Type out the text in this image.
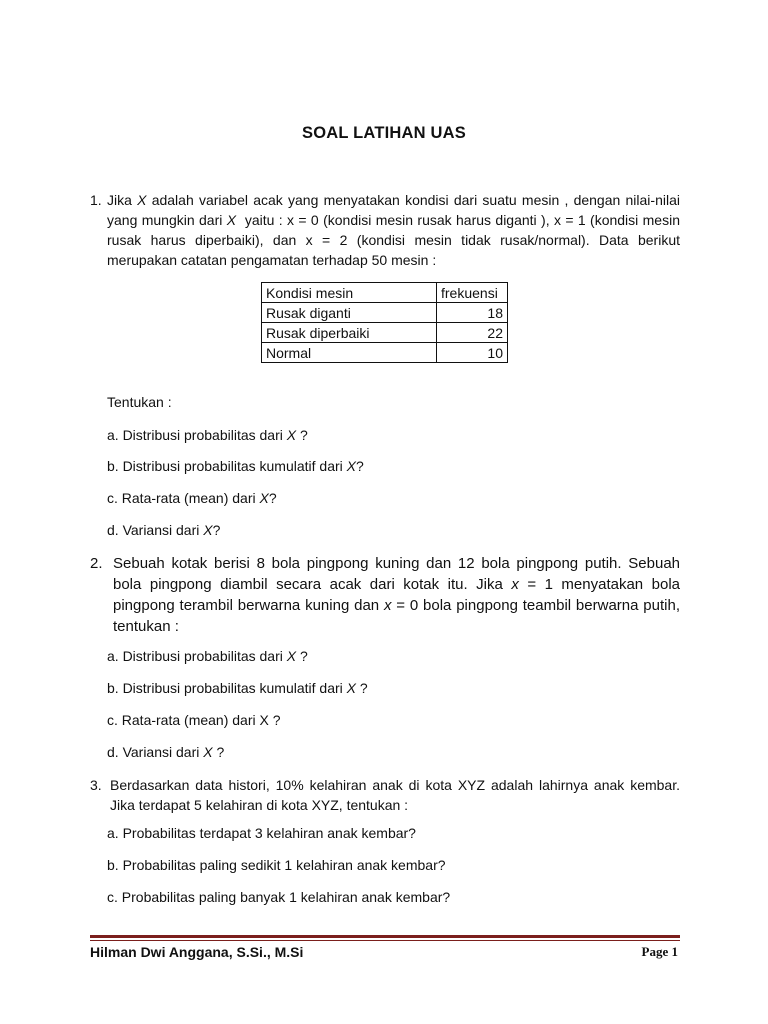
SOAL LATIHAN UAS
1. Jika X adalah variabel acak yang menyatakan kondisi dari suatu mesin , dengan nilai-nilai yang mungkin dari X  yaitu : x = 0 (kondisi mesin rusak harus diganti ), x = 1 (kondisi mesin rusak harus diperbaiki), dan x = 2 (kondisi mesin tidak rusak/normal). Data berikut merupakan catatan pengamatan terhadap 50 mesin :
Kondisi mesin	frekuensi
Rusak diganti	18
Rusak diperbaiki	22
Normal	10
Tentukan :
a. Distribusi probabilitas dari X ?
b. Distribusi probabilitas kumulatif dari X?
c. Rata-rata (mean) dari X?
d. Variansi dari X?
2. Sebuah kotak berisi 8 bola pingpong kuning dan 12 bola pingpong putih. Sebuah bola pingpong diambil secara acak dari kotak itu. Jika x = 1 menyatakan bola pingpong terambil berwarna kuning dan x = 0 bola pingpong teambil berwarna putih, tentukan :
a. Distribusi probabilitas dari X ?
b. Distribusi probabilitas kumulatif dari X ?
c. Rata-rata (mean) dari X ?
d. Variansi dari X ?
3. Berdasarkan data histori, 10% kelahiran anak di kota XYZ adalah lahirnya anak kembar. Jika terdapat 5 kelahiran di kota XYZ, tentukan :
a. Probabilitas terdapat 3 kelahiran anak kembar?
b. Probabilitas paling sedikit 1 kelahiran anak kembar?
c. Probabilitas paling banyak 1 kelahiran anak kembar?
Hilman Dwi Anggana, S.Si., M.Si	Page 1
